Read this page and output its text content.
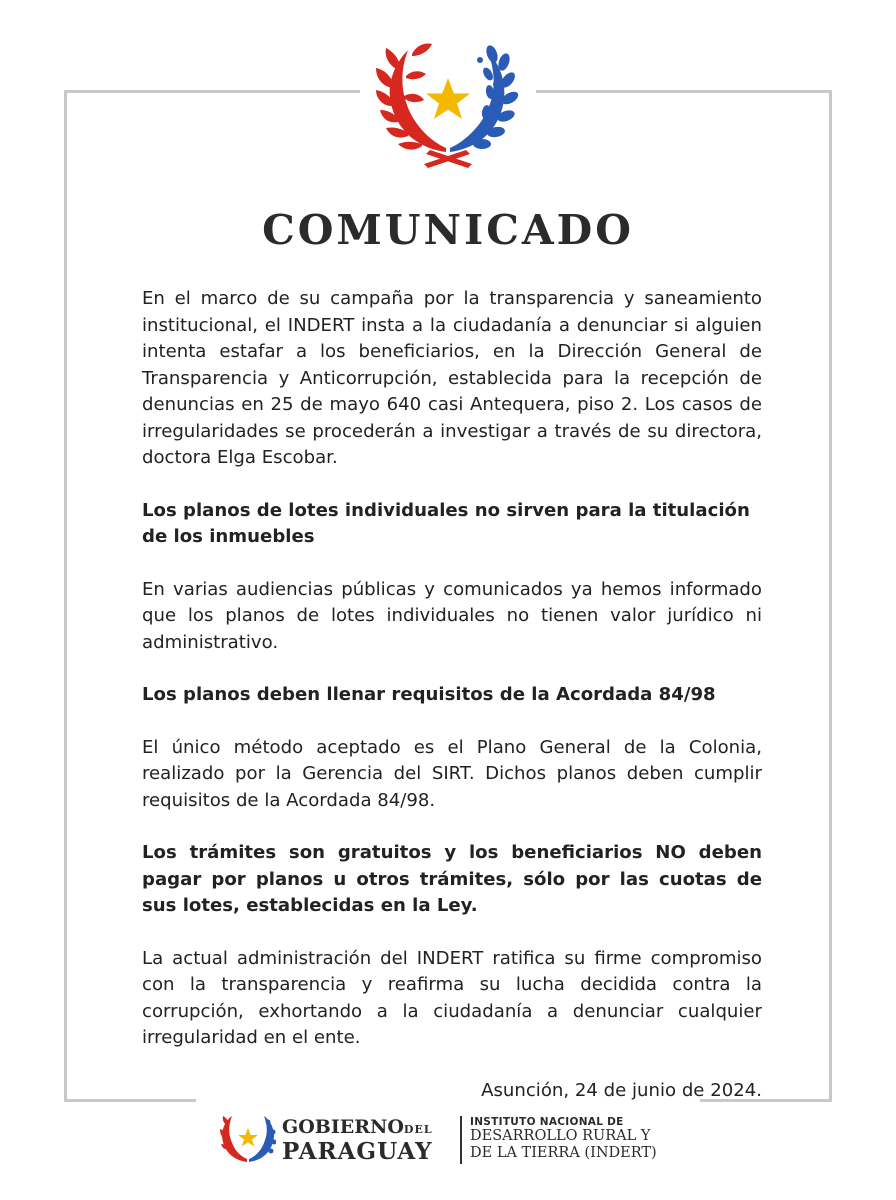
COMUNICADO

En el marco de su campaña por la transparencia y saneamiento institucional, el INDERT insta a la ciudadanía a denunciar si alguien intenta estafar a los beneficiarios, en la Dirección General de Transparencia y Anticorrupción, establecida para la recepción de denuncias en 25 de mayo 640 casi Antequera, piso 2. Los casos de irregularidades se procederán a investigar a través de su directora, doctora Elga Escobar.

Los planos de lotes individuales no sirven para la titulación de los inmuebles

En varias audiencias públicas y comunicados ya hemos informado que los planos de lotes individuales no tienen valor jurídico ni administrativo.

Los planos deben llenar requisitos de la Acordada 84/98

El único método aceptado es el Plano General de la Colonia, realizado por la Gerencia del SIRT. Dichos planos deben cumplir requisitos de la Acordada 84/98.

Los trámites son gratuitos y los beneficiarios NO deben pagar por planos u otros trámites, sólo por las cuotas de sus lotes, establecidas en la Ley.

La actual administración del INDERT ratifica su firme compromiso con la transparencia y reafirma su lucha decidida contra la corrupción, exhortando a la ciudadanía a denunciar cualquier irregularidad en el ente.

Asunción, 24 de junio de 2024.

GOBIERNODEL
PARAGUAY
INSTITUTO NACIONAL DE
DESARROLLO RURAL Y
DE LA TIERRA (INDERT)
